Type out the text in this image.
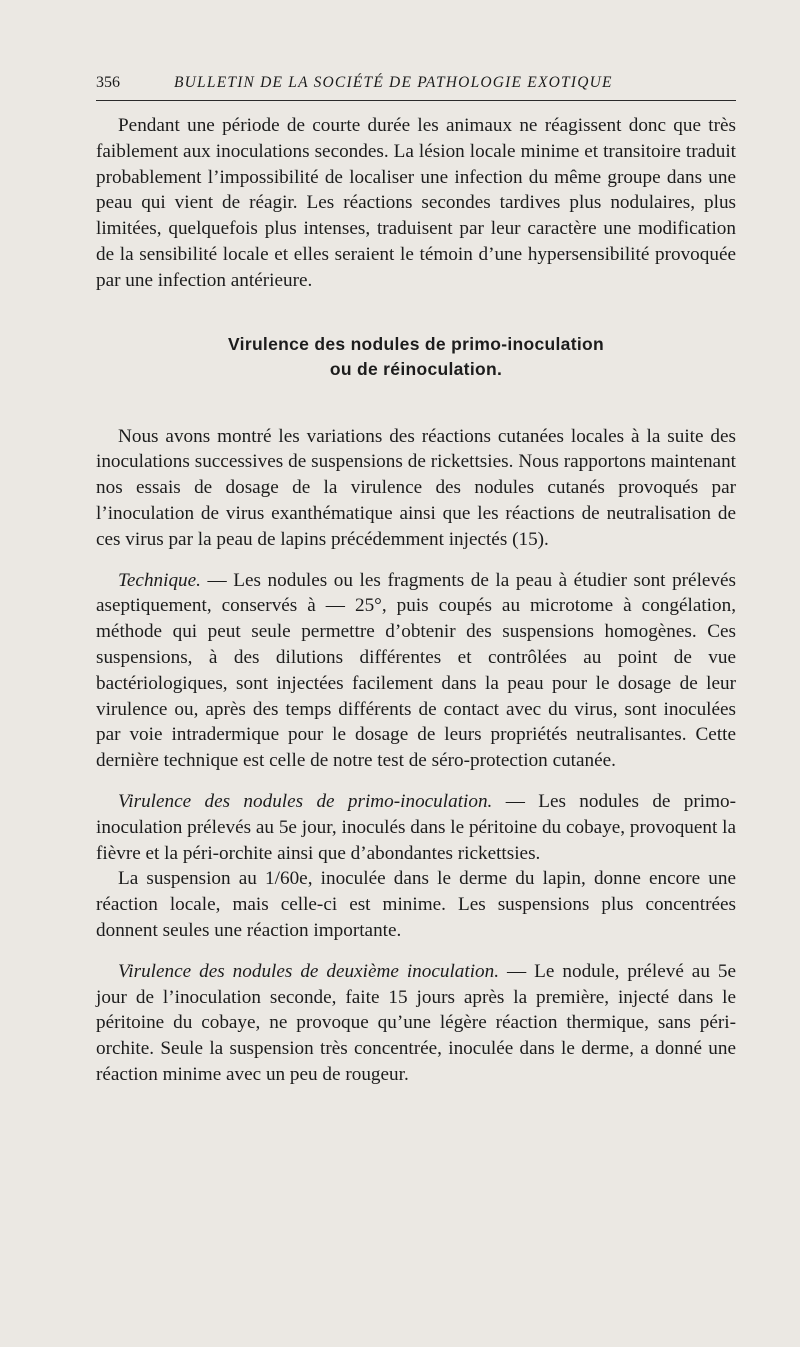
356	BULLETIN DE LA SOCIÉTÉ DE PATHOLOGIE EXOTIQUE

Pendant une période de courte durée les animaux ne réagissent donc que très faiblement aux inoculations secondes. La lésion locale minime et transitoire traduit probablement l’impossibilité de localiser une infection du même groupe dans une peau qui vient de réagir. Les réactions secondes tardives plus nodulaires, plus limitées, quelquefois plus intenses, traduisent par leur caractère une modification de la sensibilité locale et elles seraient le témoin d’une hypersensibilité provoquée par une infection antérieure.

Virulence des nodules de primo-inoculation
ou de réinoculation.

Nous avons montré les variations des réactions cutanées locales à la suite des inoculations successives de suspensions de rickettsies. Nous rapportons maintenant nos essais de dosage de la virulence des nodules cutanés provoqués par l’inoculation de virus exanthématique ainsi que les réactions de neutralisation de ces virus par la peau de lapins précédemment injectés (15).

Technique. — Les nodules ou les fragments de la peau à étudier sont prélevés aseptiquement, conservés à — 25°, puis coupés au microtome à congélation, méthode qui peut seule permettre d’obtenir des suspensions homogènes. Ces suspensions, à des dilutions différentes et contrôlées au point de vue bactériologiques, sont injectées facilement dans la peau pour le dosage de leur virulence ou, après des temps différents de contact avec du virus, sont inoculées par voie intradermique pour le dosage de leurs propriétés neutralisantes. Cette dernière technique est celle de notre test de séro-protection cutanée.

Virulence des nodules de primo-inoculation. — Les nodules de primo-inoculation prélevés au 5e jour, inoculés dans le péritoine du cobaye, provoquent la fièvre et la péri-orchite ainsi que d’abondantes rickettsies.

La suspension au 1/60e, inoculée dans le derme du lapin, donne encore une réaction locale, mais celle-ci est minime. Les suspensions plus concentrées donnent seules une réaction importante.

Virulence des nodules de deuxième inoculation. — Le nodule, prélevé au 5e jour de l’inoculation seconde, faite 15 jours après la première, injecté dans le péritoine du cobaye, ne provoque qu’une légère réaction thermique, sans péri-orchite. Seule la suspension très concentrée, inoculée dans le derme, a donné une réaction minime avec un peu de rougeur.
